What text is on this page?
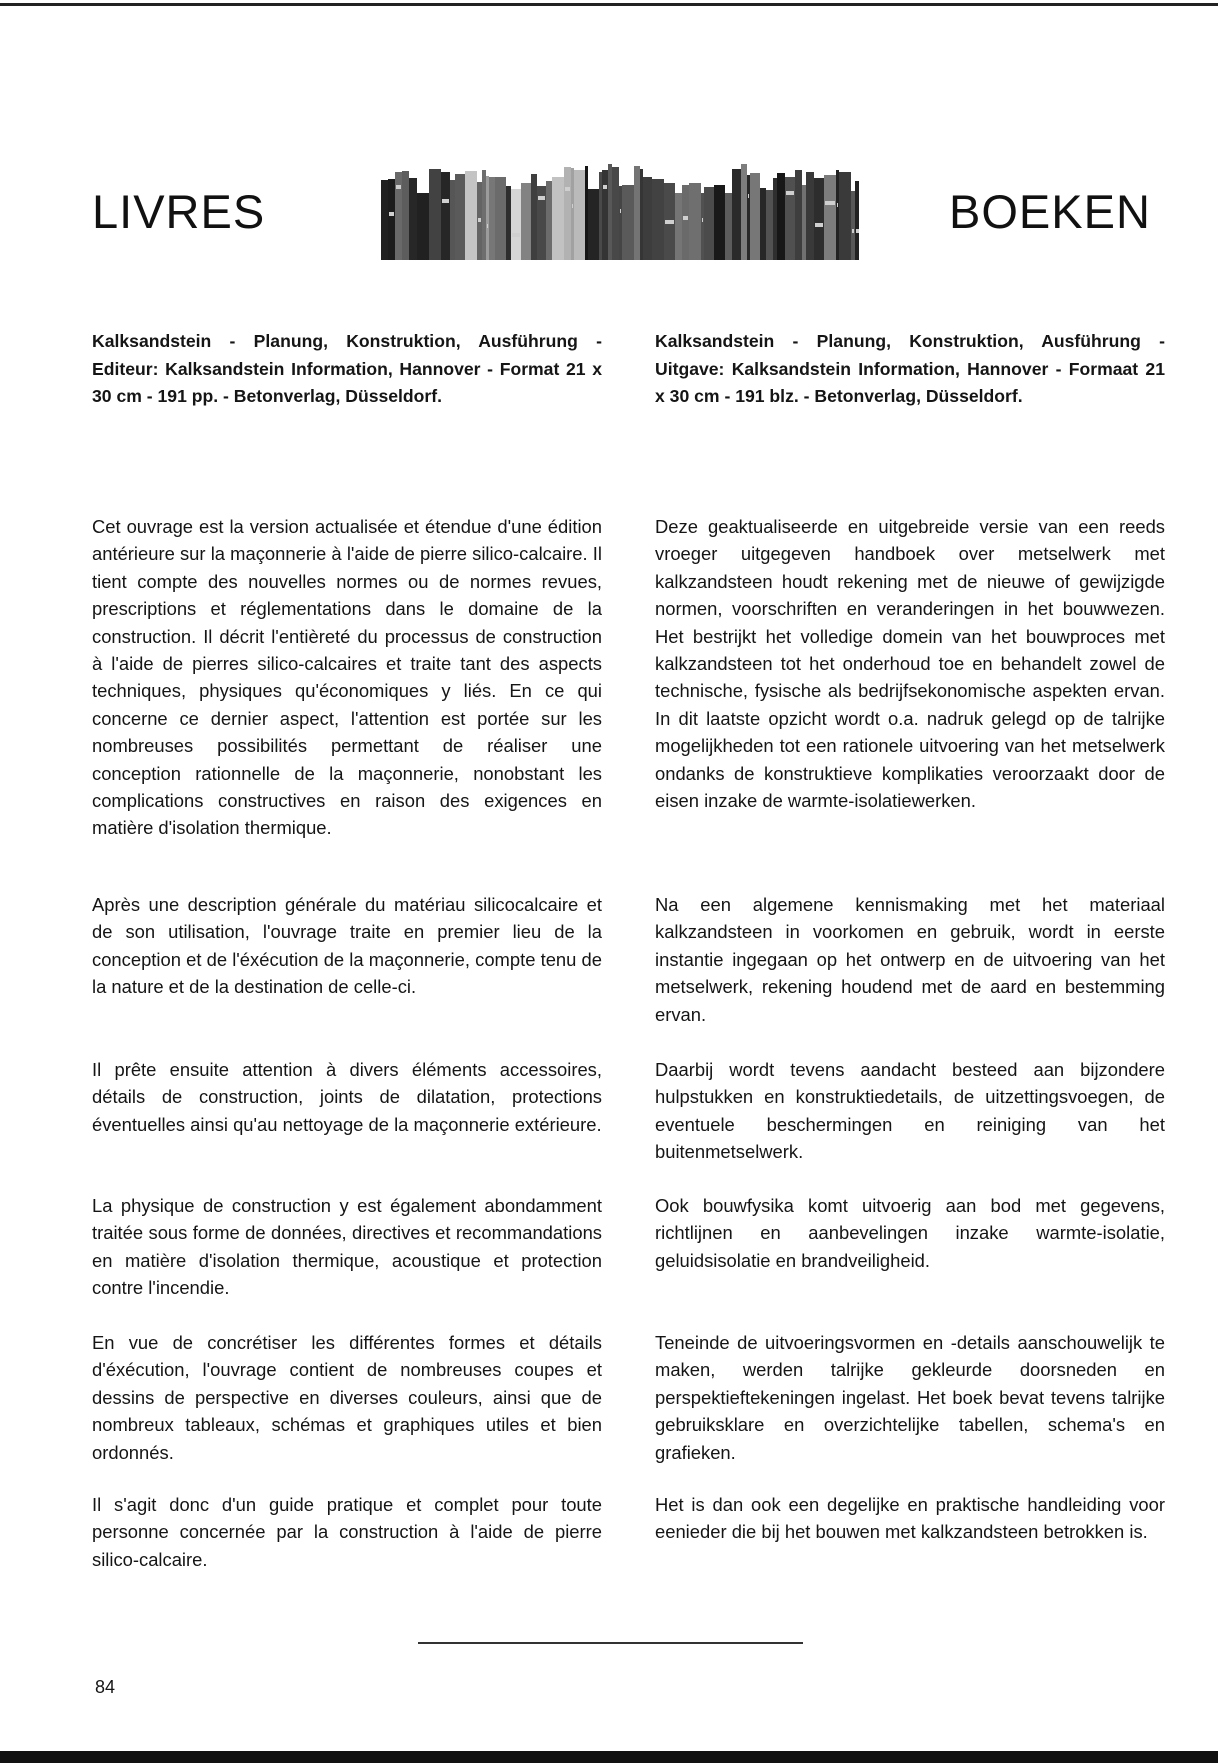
LIVRES	BOEKEN

Kalksandstein - Planung, Konstruktion, Ausführung - Editeur: Kalksandstein Information, Hannover - Format 21 x 30 cm - 191 pp. - Betonverlag, Düsseldorf.

Kalksandstein - Planung, Konstruktion, Ausführung - Uitgave: Kalksandstein Information, Hannover - Formaat 21 x 30 cm - 191 blz. - Betonverlag, Düsseldorf.

Cet ouvrage est la version actualisée et étendue d'une édition antérieure sur la maçonnerie à l'aide de pierre silico-calcaire. Il tient compte des nouvelles normes ou de normes revues, prescriptions et réglementations dans le domaine de la construction. Il décrit l'entièreté du processus de construction à l'aide de pierres silico-calcaires et traite tant des aspects techniques, physiques qu'économiques y liés. En ce qui concerne ce dernier aspect, l'attention est portée sur les nombreuses possibilités permettant de réaliser une conception rationnelle de la maçonnerie, nonobstant les complications constructives en raison des exigences en matière d'isolation thermique.

Après une description générale du matériau silicocalcaire et de son utilisation, l'ouvrage traite en premier lieu de la conception et de l'éxécution de la maçonnerie, compte tenu de la nature et de la destination de celle-ci.

Il prête ensuite attention à divers éléments accessoires, détails de construction, joints de dilatation, protections éventuelles ainsi qu'au nettoyage de la maçonnerie extérieure.

La physique de construction y est également abondamment traitée sous forme de données, directives et recommandations en matière d'isolation thermique, acoustique et protection contre l'incendie.

En vue de concrétiser les différentes formes et détails d'éxécution, l'ouvrage contient de nombreuses coupes et dessins de perspective en diverses couleurs, ainsi que de nombreux tableaux, schémas et graphiques utiles et bien ordonnés.

Il s'agit donc d'un guide pratique et complet pour toute personne concernée par la construction à l'aide de pierre silico-calcaire.

Deze geaktualiseerde en uitgebreide versie van een reeds vroeger uitgegeven handboek over metselwerk met kalkzandsteen houdt rekening met de nieuwe of gewijzigde normen, voorschriften en veranderingen in het bouwwezen. Het bestrijkt het volledige domein van het bouwproces met kalkzandsteen tot het onderhoud toe en behandelt zowel de technische, fysische als bedrijfsekonomische aspekten ervan. In dit laatste opzicht wordt o.a. nadruk gelegd op de talrijke mogelijkheden tot een rationele uitvoering van het metselwerk ondanks de konstruktieve komplikaties veroorzaakt door de eisen inzake de warmte-isolatiewerken.

Na een algemene kennismaking met het materiaal kalkzandsteen in voorkomen en gebruik, wordt in eerste instantie ingegaan op het ontwerp en de uitvoering van het metselwerk, rekening houdend met de aard en bestemming ervan.

Daarbij wordt tevens aandacht besteed aan bijzondere hulpstukken en konstruktiedetails, de uitzettingsvoegen, de eventuele beschermingen en reiniging van het buitenmetselwerk.

Ook bouwfysika komt uitvoerig aan bod met gegevens, richtlijnen en aanbevelingen inzake warmte-isolatie, geluidsisolatie en brandveiligheid.

Teneinde de uitvoeringsvormen en -details aanschouwelijk te maken, werden talrijke gekleurde doorsneden en perspektieftekeningen ingelast. Het boek bevat tevens talrijke gebruiksklare en overzichtelijke tabellen, schema's en grafieken.

Het is dan ook een degelijke en praktische handleiding voor eenieder die bij het bouwen met kalkzandsteen betrokken is.

84
